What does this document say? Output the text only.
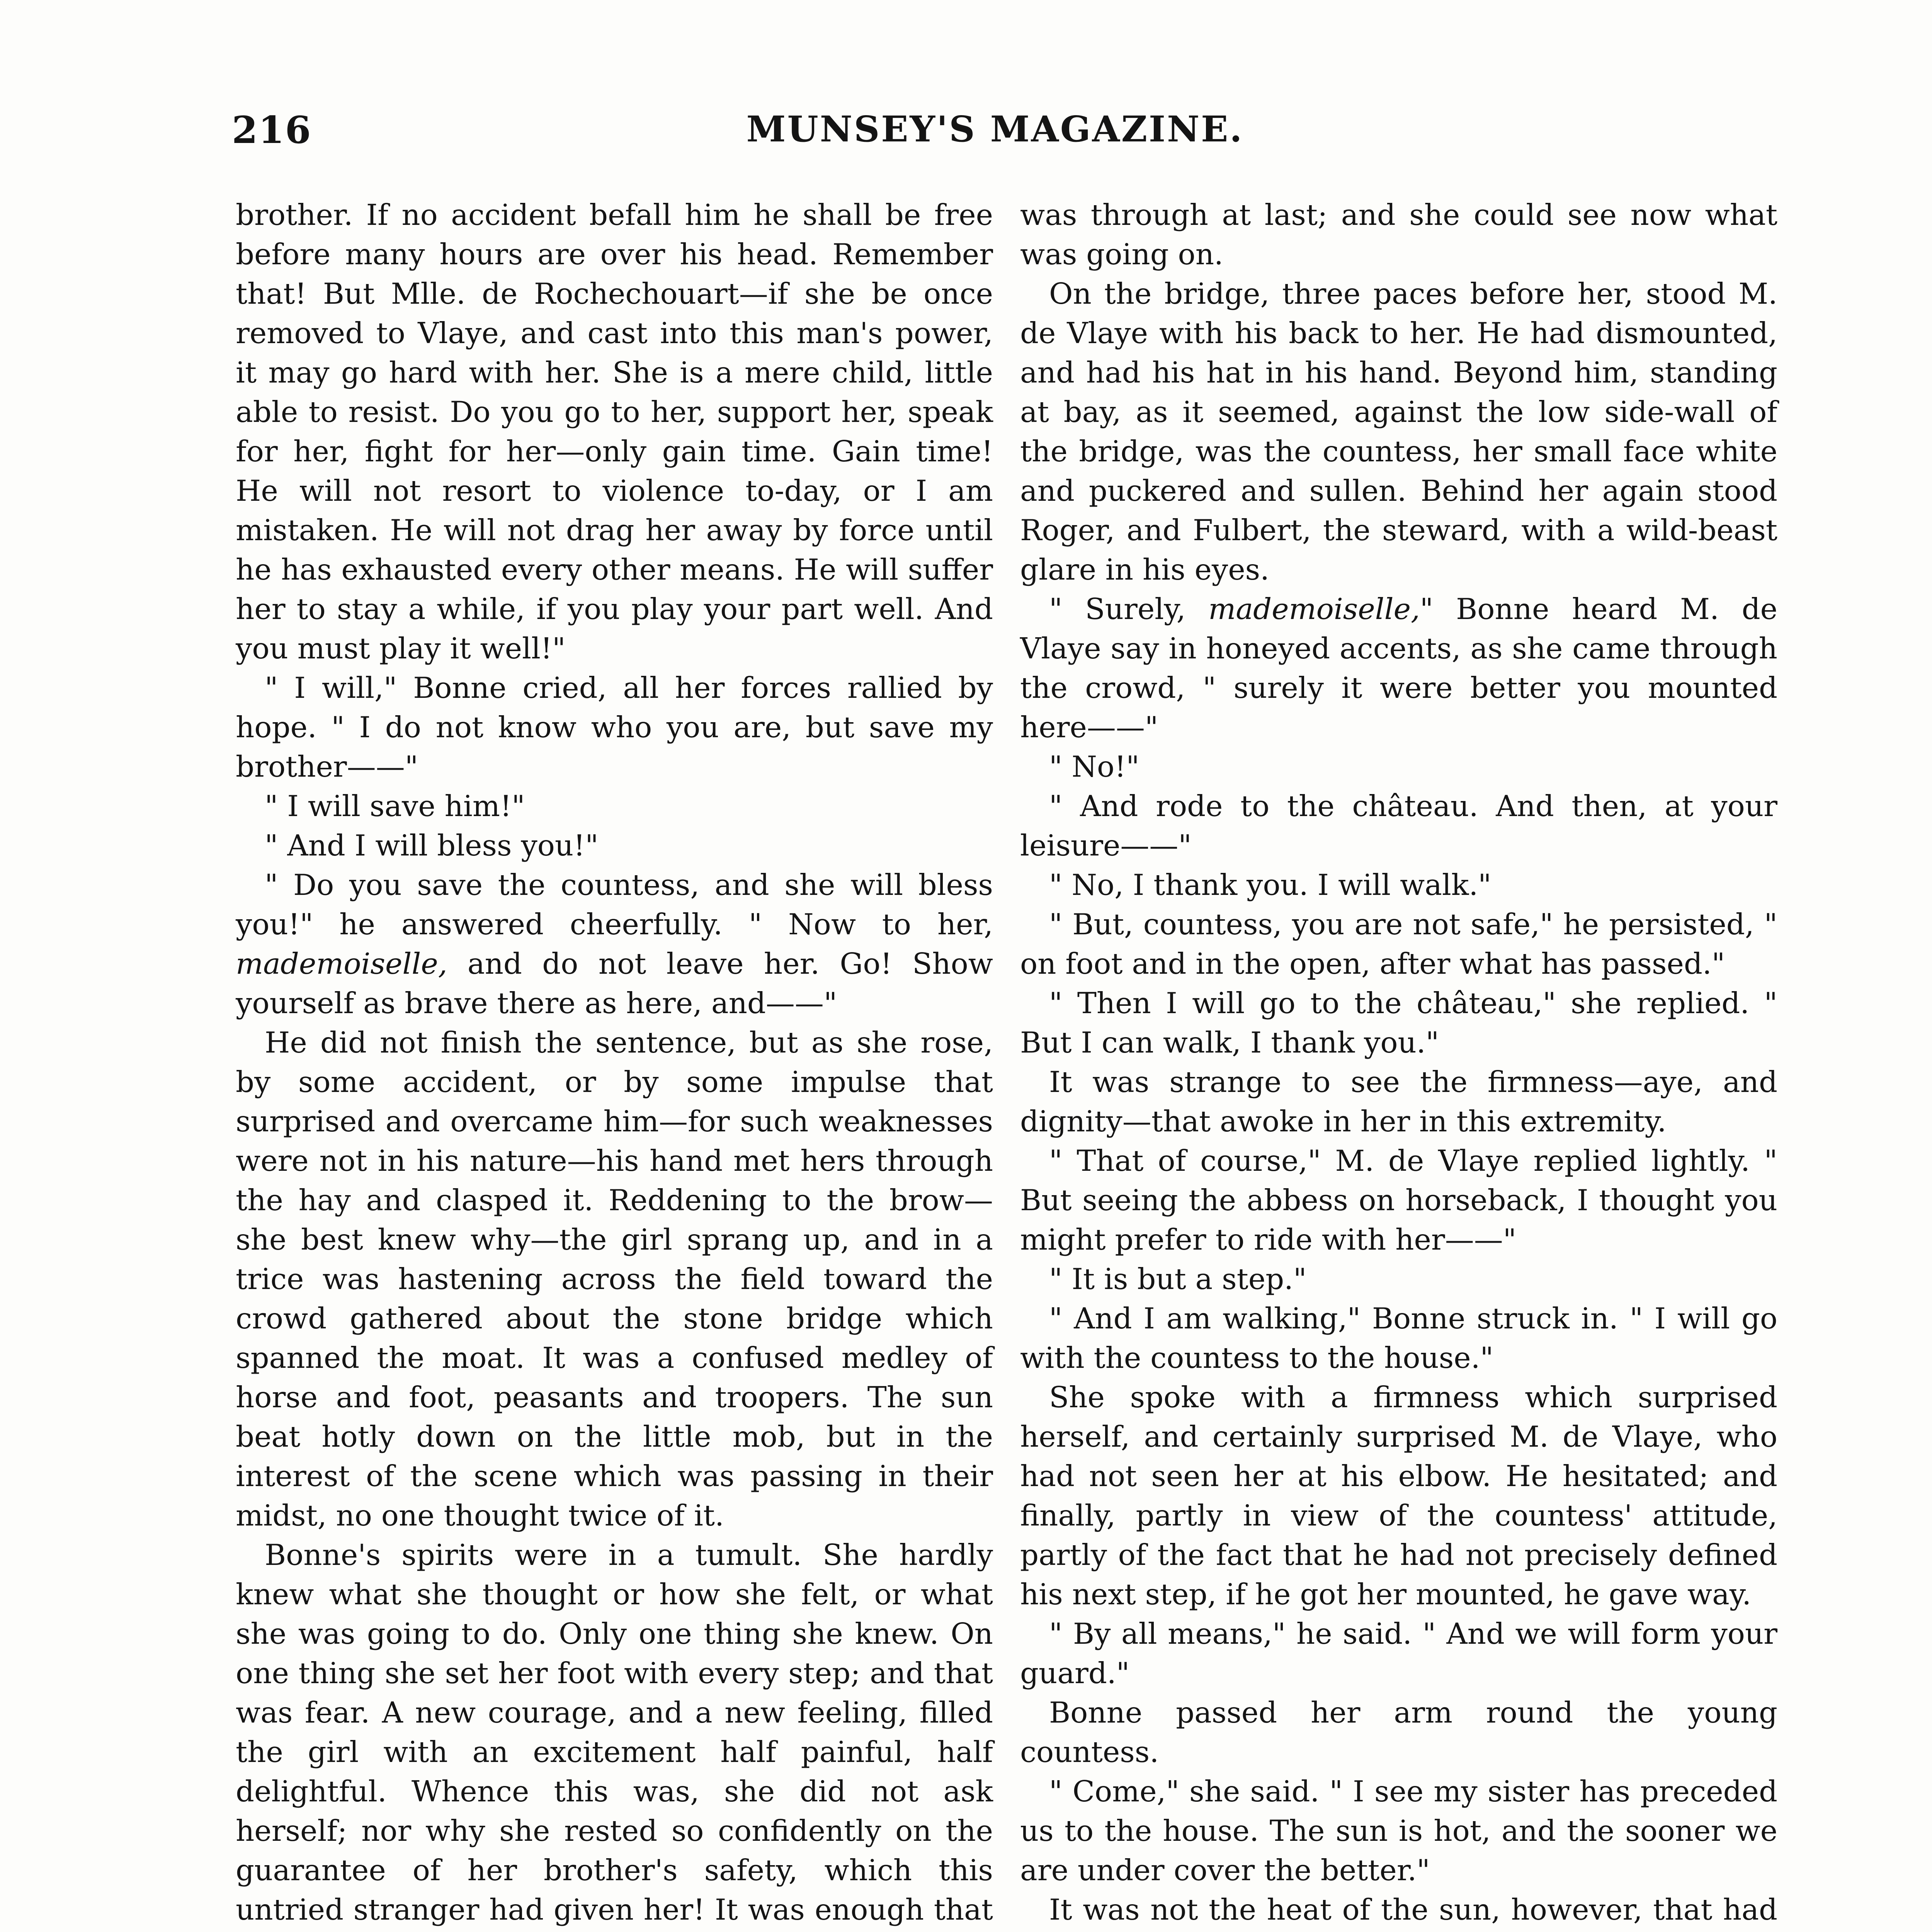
216	MUNSEY'S MAGAZINE.

brother. If no accident befall him he shall be free before many hours are over his head. Remember that! But Mlle. de Rochechouart—if she be once removed to Vlaye, and cast into this man's power, it may go hard with her. She is a mere child, little able to resist. Do you go to her, support her, speak for her, fight for her—only gain time. Gain time! He will not resort to violence to-day, or I am mistaken. He will not drag her away by force until he has exhausted every other means. He will suffer her to stay a while, if you play your part well. And you must play it well!"

" I will," Bonne cried, all her forces rallied by hope. " I do not know who you are, but save my brother——"

" I will save him!"

" And I will bless you!"

" Do you save the countess, and she will bless you!" he answered cheerfully. " Now to her, mademoiselle, and do not leave her. Go! Show yourself as brave there as here, and——"

He did not finish the sentence, but as she rose, by some accident, or by some impulse that surprised and overcame him—for such weaknesses were not in his nature—his hand met hers through the hay and clasped it. Reddening to the brow—she best knew why—the girl sprang up, and in a trice was hastening across the field toward the crowd gathered about the stone bridge which spanned the moat. It was a confused medley of horse and foot, peasants and troopers. The sun beat hotly down on the little mob, but in the interest of the scene which was passing in their midst, no one thought twice of it.

Bonne's spirits were in a tumult. She hardly knew what she thought or how she felt, or what she was going to do. Only one thing she knew. On one thing she set her foot with every step; and that was fear. A new courage, and a new feeling, filled the girl with an excitement half painful, half delightful. Whence this was, she did not ask herself; nor why she rested so confidently on the guarantee of her brother's safety, which this untried stranger had given her! It was enough that

was through at last; and she could see now what was going on.

On the bridge, three paces before her, stood M. de Vlaye with his back to her. He had dismounted, and had his hat in his hand. Beyond him, standing at bay, as it seemed, against the low side-wall of the bridge, was the countess, her small face white and puckered and sullen. Behind her again stood Roger, and Fulbert, the steward, with a wild-beast glare in his eyes.

" Surely, mademoiselle," Bonne heard M. de Vlaye say in honeyed accents, as she came through the crowd, " surely it were better you mounted here——"

" No!"

" And rode to the château. And then, at your leisure——"

" No, I thank you. I will walk."

" But, countess, you are not safe," he persisted, " on foot and in the open, after what has passed."

" Then I will go to the château," she replied. " But I can walk, I thank you."

It was strange to see the firmness—aye, and dignity—that awoke in her in this extremity.

" That of course," M. de Vlaye replied lightly. " But seeing the abbess on horseback, I thought you might prefer to ride with her——"

" It is but a step."

" And I am walking," Bonne struck in. " I will go with the countess to the house."

She spoke with a firmness which surprised herself, and certainly surprised M. de Vlaye, who had not seen her at his elbow. He hesitated; and finally, partly in view of the countess' attitude, partly of the fact that he had not precisely defined his next step, if he got her mounted, he gave way.

" By all means," he said. " And we will form your guard."

Bonne passed her arm round the young countess.

" Come," she said. " I see my sister has preceded us to the house. The sun is hot, and the sooner we are under cover the better."

It was not the heat of the sun, however, that had
